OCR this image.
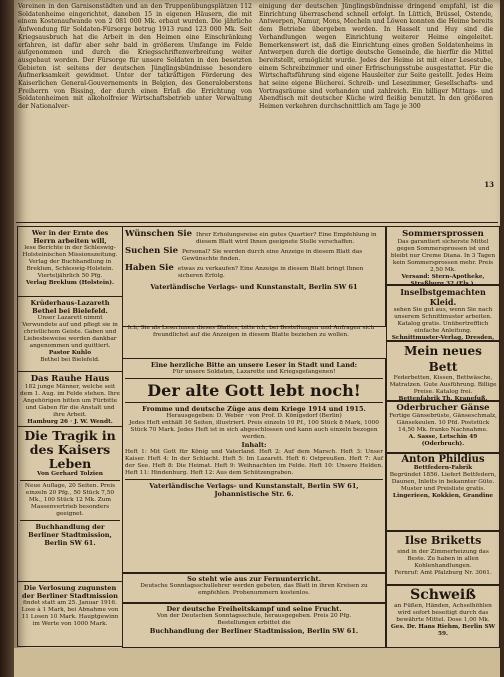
Vereinen in den Garnisonstädten und an den Truppenübungsplätzen 112 Soldatenheime eingerichtet, daneben 15 in eigenen Häusern, die mit einem Kostenaufwande von 2 081 000 Mk. erbaut wurden. Die jährliche Aufwendung für Soldaten-Fürsorge betrug 1913 rund 123 000 Mk. Seit Kriegsausbruch hat die Arbeit in den Heimen eine Einschränkung erfahren, ist dafür aber sehr bald in größerem Umfange im Felde aufgenommen und durch die Kriegsschriftenverbreitung weiter ausgebaut worden. Der Fürsorge für unsere Soldaten in den besetzten Gebieten ist seitens der deutschen Jünglingsbündnisse besondere Aufmerksamkeit gewidmet. Unter der tatkräftigen Förderung des Kaiserlichen General-Gouvernements in Belgien, des Generaloberstens Freiherrn von Bissing, der durch einen Erlaß die Errichtung von Soldatenheimen mit alkoholfreier Wirtschaftsbetrieb unter Verwaltung der Nationalver-

einigung der deutschen Jünglingsbündnisse dringend empfahl, ist die Einrichtung überraschend schnell erfolgt. In Lüttich, Brüssel, Ostende, Antwerpen, Namur, Mons, Mecheln und Löwen konnten die Heime bereits dem Betriebe übergeben werden. In Hasselt und Huy sind die Verhandlungen wegen Einrichtung weiterer Heime eingeleitet. Bemerkenswert ist, daß die Einrichtung eines großen Soldatenheims in Antwerpen durch die dortige deutsche Gemeinde, die hierfür die Mittel bereitstellt, ermöglicht wurde. Jedes der Heime ist mit einer Lesestube, einem Schreibzimmer und einer Erfrischungsstube ausgestattet. Für die Wirtschaftsführung sind eigene Hausleiter zur Seite gestellt. Jedes Heim hat seine eigene Bücherei. Schreib- und Lesezimmer, Gesellschafts- und Vortragsräume sind vorhanden und zahlreich. Ein billiger Mittags- und Abendtisch mit deutscher Küche wird fleißig benutzt. In den größeren Heimen verkehren durchschnittlich am Tage je 300

Wer in der Ernte des Herrn arbeiten will,

lese Berichte in der Schleswig-Holsteinischen Missionszeitung. Verlag der Buchhandlung in Breklum, Schleswig-Holstein. Vierteljährlich 50 Pfg.

Verlag Breklum (Holstein).

Krüderhaus-Lazareth Bethel bei Bielefeld.

Unser Lazarett nimmt Verwundete auf und pflegt sie in christlichem Geiste. Gaben und Liebesbeweise werden dankbar angenommen und quittiert.

Pastor Kuhlo

Bethel bei Bielefeld.

Das Rauhe Haus

182 junge Männer, welche seit dem 1. Aug. im Felde stehen. Ihre Angehörigen bitten um Fürbitte und Gaben für die Anstalt und ihre Arbeit.

Hamburg 26 · J. W. Wendt.

Die Tragik in des Kaisers Leben

Von Gerhard Tolzien

Neue Auflage, 20 Seiten. Preis einzeln 20 Pfg., 50 Stück 7,50 Mk., 100 Stück 12 Mk. Zum Massenvertrieb besonders geeignet.

Buchhandlung der Berliner Stadtmission, Berlin SW 61.

Die Verlosung zugunsten der Berliner Stadtmission

findet statt am 25. Januar 1916. Lose à 1 Mark, bei Abnahme von 11 Losen 10 Mark. Hauptgewinn im Werte von 1000 Mark.

Wünschen Sie Ihrer Erholungsreise ein gutes Quartier? Eine Empfehlung in diesem Blatt wird Ihnen geeignete Stelle verschaffen.
Suchen Sie Personal? Sie werden durch eine Anzeige in diesem Blatt das Gewünschte finden.
Haben Sie etwas zu verkaufen? Eine Anzeige in diesem Blatt bringt Ihnen sicheren Erfolg.

Vaterländische Verlags- und Kunstanstalt, Berlin SW 61

Ich, Sie als Leserinnen dieses Blattes, bitte ich, bei Bestellungen und Anfragen sich freundlichst auf die Anzeigen in diesem Blatte beziehen zu wollen.

Eine herzliche Bitte an unsere Leser in Stadt und Land:

Für unsere Soldaten, Lazarette und Kriegsgefangenen!

Der alte Gott lebt noch!

Fromme und deutsche Züge aus dem Kriege 1914 und 1915.

Herausgegeben: D. Weber · von Prof. D. Königsdorf (Berlin)

Jedes Heft enthält 16 Seiten, illustriert. Preis einzeln 10 Pf., 100 Stück 8 Mark, 1000 Stück 70 Mark. Jedes Heft ist in sich abgeschlossen und kann auch einzeln bezogen werden.

Inhalt:

Heft 1: Mit Gott für König und Vaterland. Heft 2: Auf dem Marsch. Heft 3: Unser Kaiser. Heft 4: In der Schlacht. Heft 5: Im Lazarett. Heft 6: Ostpreußen. Heft 7: Auf der See. Heft 8: Die Heimat. Heft 9: Weihnachten im Felde. Heft 10: Unsere Helden. Heft 11: Hindenburg. Heft 12: Aus dem Schützengraben.

Vaterländische Verlags- und Kunstanstalt, Berlin SW 61, Johannistische Str. 6.

So steht wie aus zur Fernunterricht.

Deutsche Sonntagsschullehrer werden gebeten, das Blatt in ihren Kreisen zu empfehlen. Probenummern kostenlos.

Der deutsche Freiheitskampf und seine Frucht.

Von der Deutschen Sonntagsschule, herausgegeben. Preis 20 Pfg.

Bestellungen erbittet die

Buchhandlung der Berliner Stadtmission, Berlin SW 61.

Sommersprossen

Das garantiert sicherste Mittel gegen Sommersprossen ist und bleibt nur Creme Diana. In 3 Tagen kein Sommersprossen mehr. Preis 2,50 Mk.

Versand: Stern-Apotheke, Straßburg 32 (Els.).

Inselbstgemachten Kleid.

sehen Sie gut aus, wenn Sie nach unserem Schnittmuster arbeiten. Katalog gratis. Unübertrefflich einfache Anleitung.

Schnittmuster-Verlag, Dresden,

Mein neues Bett

Federbetten, Kissen, Bettwäsche, Matratzen. Gute Ausführung. Billige Preise. Katalog frei.

Bettenfabrik Th. Kranefuß,

Oderbrucher Gänse

Fertige Gänsebrüste, Gänseschmalz, Gänsekeulen. 10 Pfd. Poststück 14,50 Mk. franko Nachnahme.

A. Sasse, Letschin 49 (Oderbruch).

Anton Phildius

Bettfedern-Fabrik

Begründet 1856. Liefert Bettfedern, Daunen, Inletts in bekannter Güte. Muster und Preisliste gratis.

Lingerieen, Kokkien, Grandine

Ilse Briketts

sind in der Zimmerheizung das Beste. Zu haben in allen Kohlenhandlungen.

Fernruf: Amt Pfalzburg Nr. 3061.

Schweiß

an Füßen, Händen, Achselhöhlen wird sofort beseitigt durch das bewährte Mittel. Dose 1,00 Mk.

Ges. Dr. Hans Riehm, Berlin SW 59.

13
